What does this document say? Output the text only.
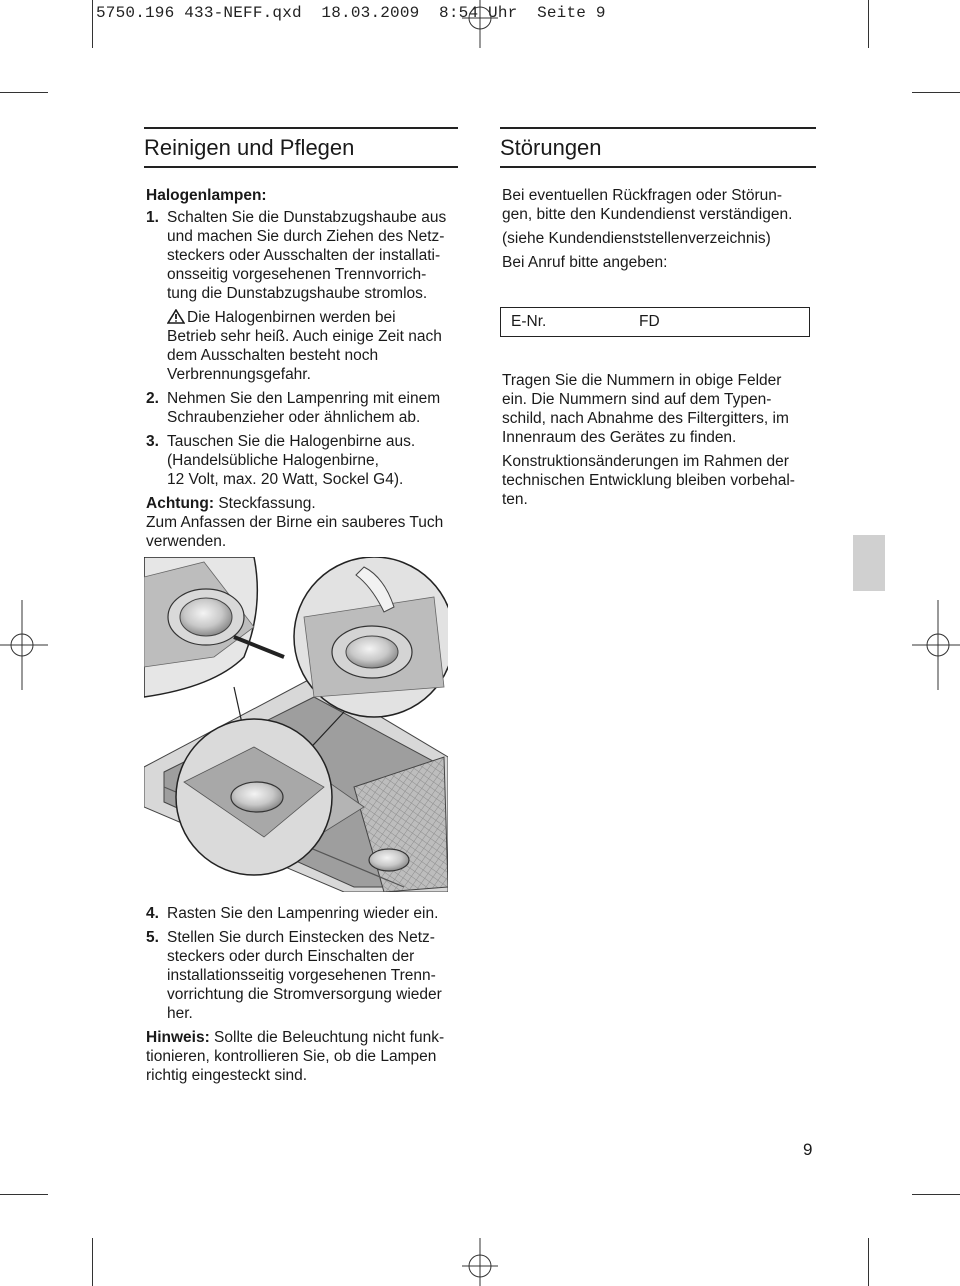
5750.196 433-NEFF.qxd  18.03.2009  8:54 Uhr  Seite 9
Reinigen und Pflegen
Halogenlampen:
1. Schalten Sie die Dunstabzugshaube aus
und machen Sie durch Ziehen des Netz-
steckers oder Ausschalten der installati-
onsseitig vorgesehenen Trennvorrich-
tung die Dunstabzugshaube stromlos.
Die Halogenbirnen werden bei
Betrieb sehr heiß. Auch einige Zeit nach
dem Ausschalten besteht noch
Verbrennungsgefahr.
2. Nehmen Sie den Lampenring mit einem
Schraubenzieher oder ähnlichem ab.
3. Tauschen Sie die Halogenbirne aus.
(Handelsübliche Halogenbirne,
12 Volt, max. 20 Watt, Sockel G4).
Achtung: Steckfassung.
Zum Anfassen der Birne ein sauberes Tuch
verwenden.
4. Rasten Sie den Lampenring wieder ein.
5. Stellen Sie durch Einstecken des Netz-
steckers oder durch Einschalten der
installationsseitig vorgesehenen Trenn-
vorrichtung die Stromversorgung wieder
her.
Hinweis: Sollte die Beleuchtung nicht funk-
tionieren, kontrollieren Sie, ob die Lampen
richtig eingesteckt sind.
Störungen
Bei eventuellen Rückfragen oder Störun-
gen, bitte den Kundendienst verständigen.
(siehe Kundendienststellenverzeichnis)
Bei Anruf bitte angeben:
E-Nr.	FD
Tragen Sie die Nummern in obige Felder
ein. Die Nummern sind auf dem Typen-
schild, nach Abnahme des Filtergitters, im
Innenraum des Gerätes zu finden.
Konstruktionsänderungen im Rahmen der
technischen Entwicklung bleiben vorbehal-
ten.
9
